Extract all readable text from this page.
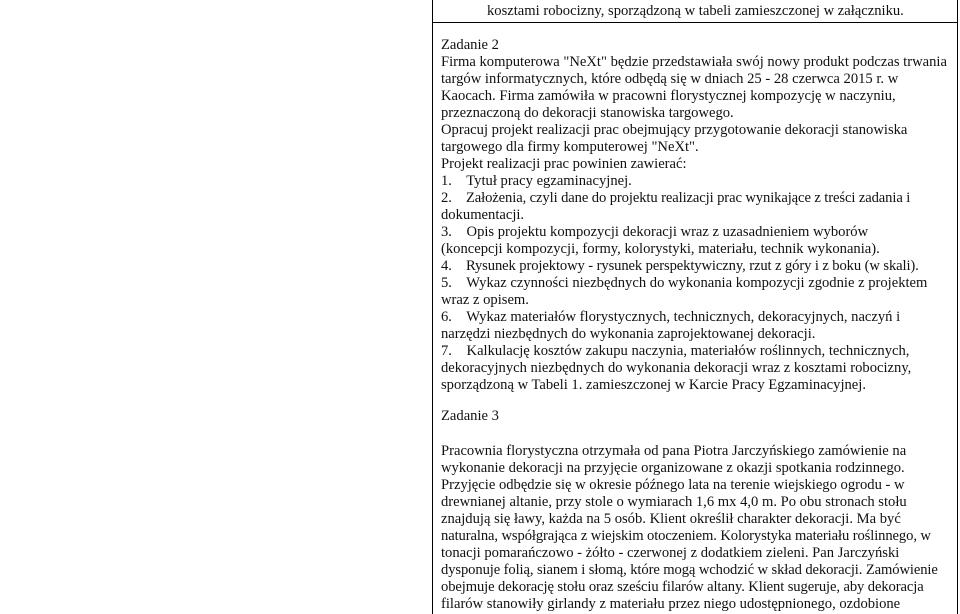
kosztami robocizny, sporządzoną w tabeli zamieszczonej w załączniku.
Zadanie 2
Firma komputerowa "NeXt" będzie przedstawiała swój nowy produkt podczas trwania
targów informatycznych, które odbędą się w dniach 25 - 28 czerwca 2015 r. w
Kaocach. Firma zamówiła w pracowni florystycznej kompozycję w naczyniu,
przeznaczoną do dekoracji stanowiska targowego.
Opracuj projekt realizacji prac obejmujący przygotowanie dekoracji stanowiska
targowego dla firmy komputerowej "NeXt".
Projekt realizacji prac powinien zawierać:
1.    Tytuł pracy egzaminacyjnej.
2.    Założenia, czyli dane do projektu realizacji prac wynikające z treści zadania i
dokumentacji.
3.    Opis projektu kompozycji dekoracji wraz z uzasadnieniem wyborów
(koncepcji kompozycji, formy, kolorystyki, materiału, technik wykonania).
4.    Rysunek projektowy - rysunek perspektywiczny, rzut z góry i z boku (w skali).
5.    Wykaz czynności niezbędnych do wykonania kompozycji zgodnie z projektem
wraz z opisem.
6.    Wykaz materiałów florystycznych, technicznych, dekoracyjnych, naczyń i
narzędzi niezbędnych do wykonania zaprojektowanej dekoracji.
7.    Kalkulację kosztów zakupu naczynia, materiałów roślinnych, technicznych,
dekoracyjnych niezbędnych do wykonania dekoracji wraz z kosztami robocizny,
sporządzoną w Tabeli 1. zamieszczonej w Karcie Pracy Egzaminacyjnej.
Zadanie 3
Pracownia florystyczna otrzymała od pana Piotra Jarczyńskiego zamówienie na
wykonanie dekoracji na przyjęcie organizowane z okazji spotkania rodzinnego.
Przyjęcie odbędzie się w okresie późnego lata na terenie wiejskiego ogrodu - w
drewnianej altanie, przy stole o wymiarach 1,6 mx 4,0 m. Po obu stronach stołu
znajdują się ławy, każda na 5 osób. Klient określił charakter dekoracji. Ma być
naturalna, współgrająca z wiejskim otoczeniem. Kolorystyka materiału roślinnego, w
tonacji pomarańczowo - żółto - czerwonej z dodatkiem zieleni. Pan Jarczyński
dysponuje folią, sianem i słomą, które mogą wchodzić w skład dekoracji. Zamówienie
obejmuje dekorację stołu oraz sześciu filarów altany. Klient sugeruje, aby dekoracja
filarów stanowiły girlandy z materiału przez niego udostępnionego, ozdobione
